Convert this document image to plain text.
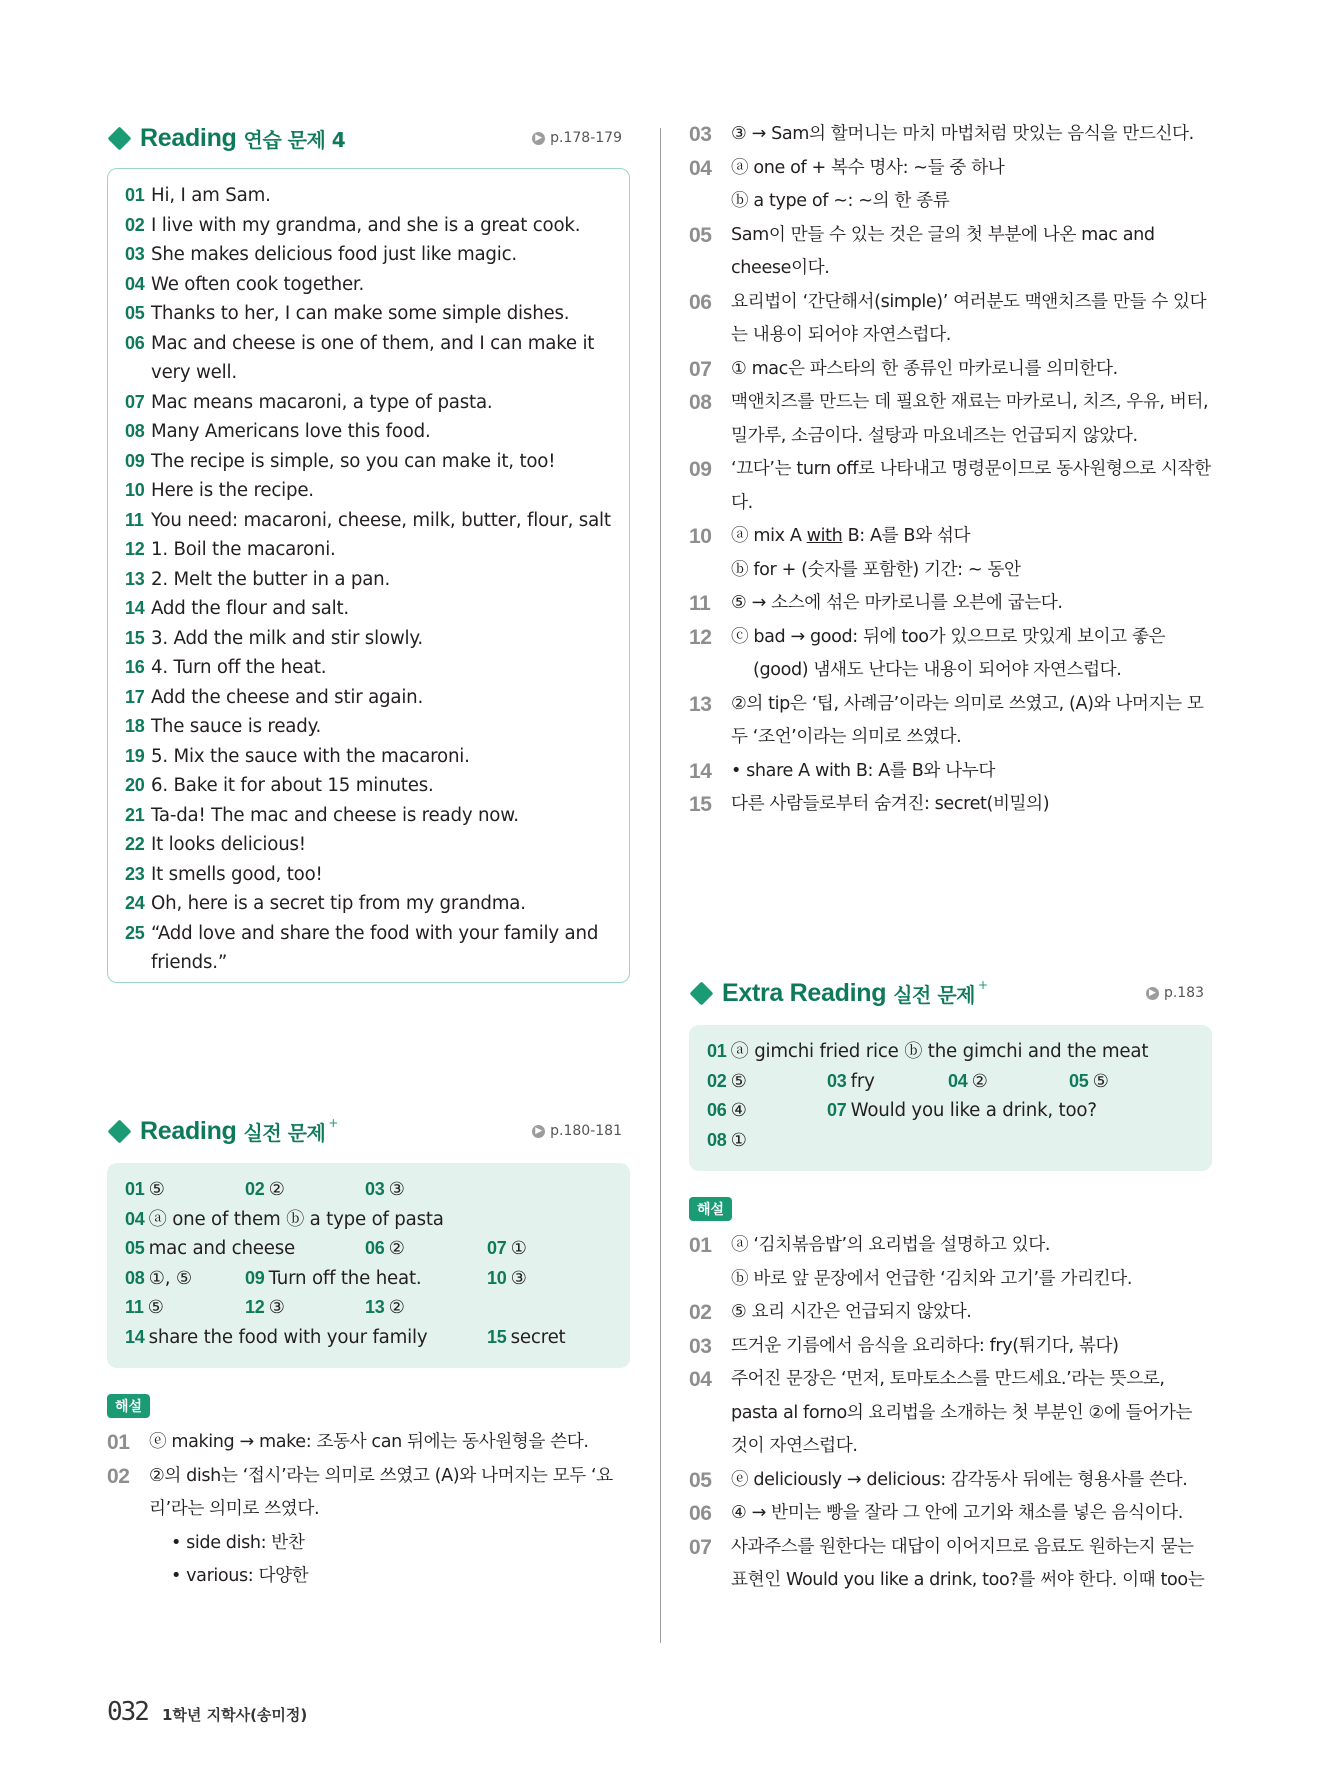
Reading 연습 문제 4	▶ p.178-179
01 Hi, I am Sam.
02 I live with my grandma, and she is a great cook.
03 She makes delicious food just like magic.
04 We often cook together.
05 Thanks to her, I can make some simple dishes.
06 Mac and cheese is one of them, and I can make it very well.
07 Mac means macaroni, a type of pasta.
08 Many Americans love this food.
09 The recipe is simple, so you can make it, too!
10 Here is the recipe.
11 You need: macaroni, cheese, milk, butter, flour, salt
12 1. Boil the macaroni.
13 2. Melt the butter in a pan.
14 Add the flour and salt.
15 3. Add the milk and stir slowly.
16 4. Turn off the heat.
17 Add the cheese and stir again.
18 The sauce is ready.
19 5. Mix the sauce with the macaroni.
20 6. Bake it for about 15 minutes.
21 Ta-da! The mac and cheese is ready now.
22 It looks delicious!
23 It smells good, too!
24 Oh, here is a secret tip from my grandma.
25 “Add love and share the food with your family and friends.”
Reading 실전 문제 +
▶ p.180-181
01 ⑤	02 ②	03 ③
04 ⓐ one of them ⓑ a type of pasta
05 mac and cheese	06 ②	07 ①
08 ①, ⑤	09 Turn off the heat.	10 ③
11 ⑤	12 ③	13 ②
14 share the food with your family	15 secret
해설
01	ⓔ making → make: 조동사 can 뒤에는 동사원형을 쓴다.
02	②의 dish는 ‘접시’라는 의미로 쓰였고 (A)와 나머지는 모두 ‘요리’라는 의미로 쓰였다.
• side dish: 반찬
• various: 다양한
03	③ → Sam의 할머니는 마치 마법처럼 맛있는 음식을 만드신다.
04	ⓐ one of + 복수 명사: ~들 중 하나
ⓑ a type of ~: ~의 한 종류
05	Sam이 만들 수 있는 것은 글의 첫 부분에 나온 mac and cheese이다.
06	요리법이 ‘간단해서(simple)’ 여러분도 맥앤치즈를 만들 수 있다는 내용이 되어야 자연스럽다.
07	① mac은 파스타의 한 종류인 마카로니를 의미한다.
08	맥앤치즈를 만드는 데 필요한 재료는 마카로니, 치즈, 우유, 버터, 밀가루, 소금이다. 설탕과 마요네즈는 언급되지 않았다.
09	‘끄다’는 turn off로 나타내고 명령문이므로 동사원형으로 시작한다.
10	ⓐ mix A with B: A를 B와 섞다
ⓑ for + (숫자를 포함한) 기간: ~ 동안
11	⑤ → 소스에 섞은 마카로니를 오븐에 굽는다.
12	ⓒ bad → good: 뒤에 too가 있으므로 맛있게 보이고 좋은
(good) 냄새도 난다는 내용이 되어야 자연스럽다.
13	②의 tip은 ‘팁, 사례금’이라는 의미로 쓰였고, (A)와 나머지는 모두 ‘조언’이라는 의미로 쓰였다.
14	• share A with B: A를 B와 나누다
15	다른 사람들로부터 숨겨진: secret(비밀의)
Extra Reading 실전 문제 +
▶ p.183
01 ⓐ gimchi fried rice ⓑ the gimchi and the meat
02 ⑤	03 fry	04 ②	05 ⑤
06 ④	07 Would you like a drink, too?
08 ①
해설
01	ⓐ ‘김치볶음밥’의 요리법을 설명하고 있다.
ⓑ 바로 앞 문장에서 언급한 ‘김치와 고기’를 가리킨다.
02	⑤ 요리 시간은 언급되지 않았다.
03	뜨거운 기름에서 음식을 요리하다: fry(튀기다, 볶다)
04	주어진 문장은 ‘먼저, 토마토소스를 만드세요.’라는 뜻으로, pasta al forno의 요리법을 소개하는 첫 부분인 ②에 들어가는 것이 자연스럽다.
05	ⓔ deliciously → delicious: 감각동사 뒤에는 형용사를 쓴다.
06	④ → 반미는 빵을 잘라 그 안에 고기와 채소를 넣은 음식이다.
07	사과주스를 원한다는 대답이 이어지므로 음료도 원하는지 묻는 표현인 Would you like a drink, too?를 써야 한다. 이때 too는
032 1학년 지학사(송미정)
